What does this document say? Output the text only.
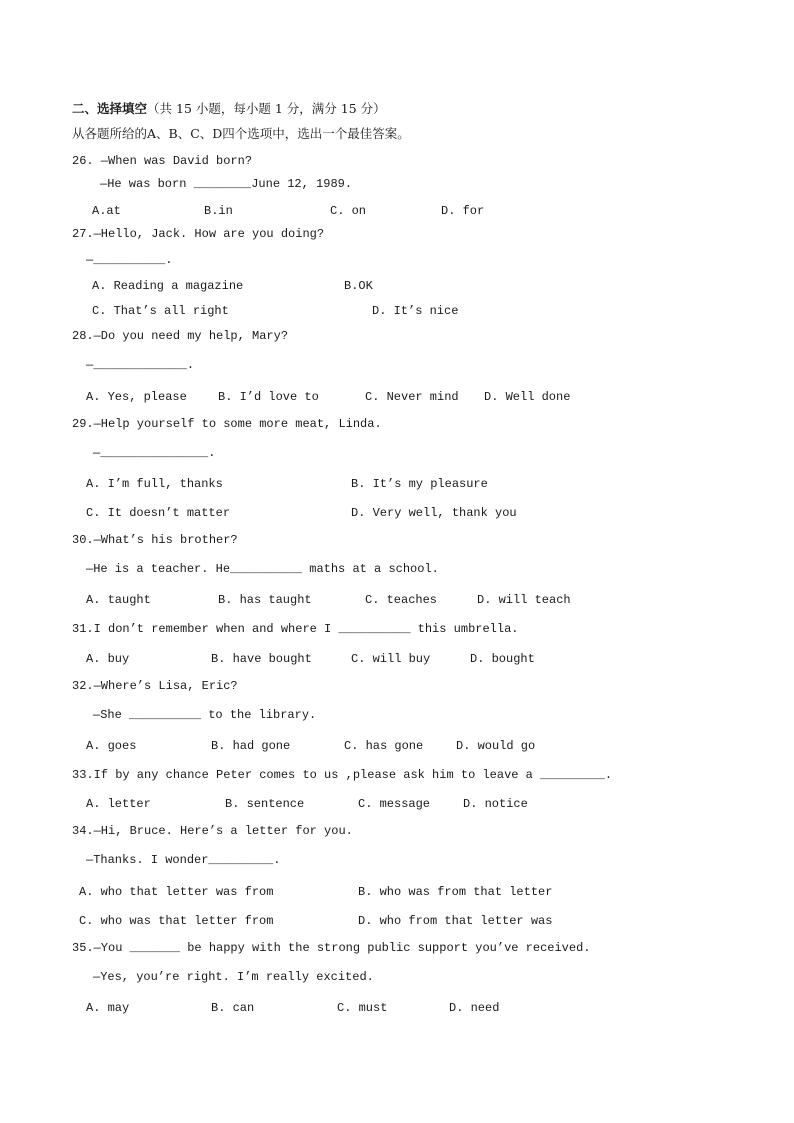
二、选择填空（共 15 小题，每小题 1 分，满分 15 分）
从各题所给的A、B、C、D四个选项中，选出一个最佳答案。
26. —When was David born?
—He was born ________June 12, 1989.
A.at	B.in	C. on	D. for
27.—Hello, Jack. How are you doing?
—__________.
A. Reading a magazine	B.OK
C. That’s all right	D. It’s nice
28.—Do you need my help, Mary?
—_____________.
A. Yes, please	B. I’d love to	C. Never mind D. Well done
29.—Help yourself to some more meat, Linda.
—_______________.
A. I’m full, thanks	B. It’s my pleasure
C. It doesn’t matter	D. Very well, thank you
30.—What’s his brother?
—He is a teacher. He__________ maths at a school.
A. taught	B. has taught	C. teaches	D. will teach
31.I don’t remember when and where I __________ this umbrella.
A. buy	B. have bought	C. will buy	D. bought
32.—Where’s Lisa, Eric?
—She __________ to the library.
A. goes	B. had gone	C. has gone	D. would go
33.If by any chance Peter comes to us ,please ask him to leave a _________.
A. letter	B. sentence	C. message	D. notice
34.—Hi, Bruce. Here’s a letter for you.
—Thanks. I wonder_________.
A. who that letter was from	B. who was from that letter
C. who was that letter from	D. who from that letter was
35.—You _______ be happy with the strong public support you’ve received.
—Yes, you’re right. I’m really excited.
A. may	B. can	C. must	D. need
